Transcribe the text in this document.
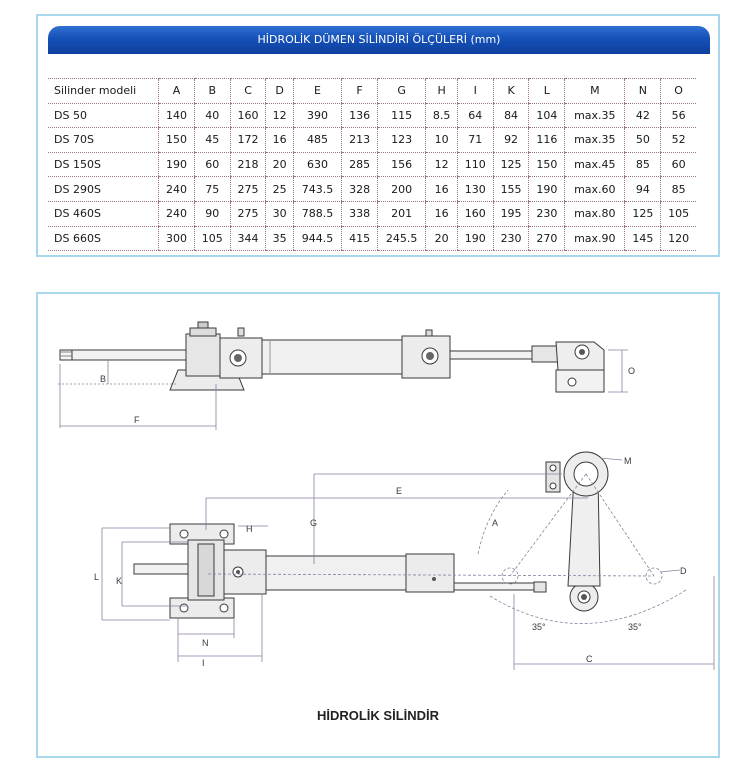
HİDROLİK DÜMEN SİLİNDİRİ ÖLÇÜLERİ (mm)
Silinder modeli	A	B	C	D	E	F	G	H	I	K	L	M	N	O
DS 50	140	40	160	12	390	136	115	8.5	64	84	104	max.35	42	56
DS 70S	150	45	172	16	485	213	123	10	71	92	116	max.35	50	52
DS 150S	190	60	218	20	630	285	156	12	110	125	150	max.45	85	60
DS 290S	240	75	275	25	743.5	328	200	16	130	155	190	max.60	94	85
DS 460S	240	90	275	30	788.5	338	201	16	160	195	230	max.80	125	105
DS 660S	300	105	344	35	944.5	415	245.5	20	190	230	270	max.90	145	120
B
F
O
M
E
G	A
H
L K
D
N
I	C
35°	35°
HİDROLİK SİLİNDİR
